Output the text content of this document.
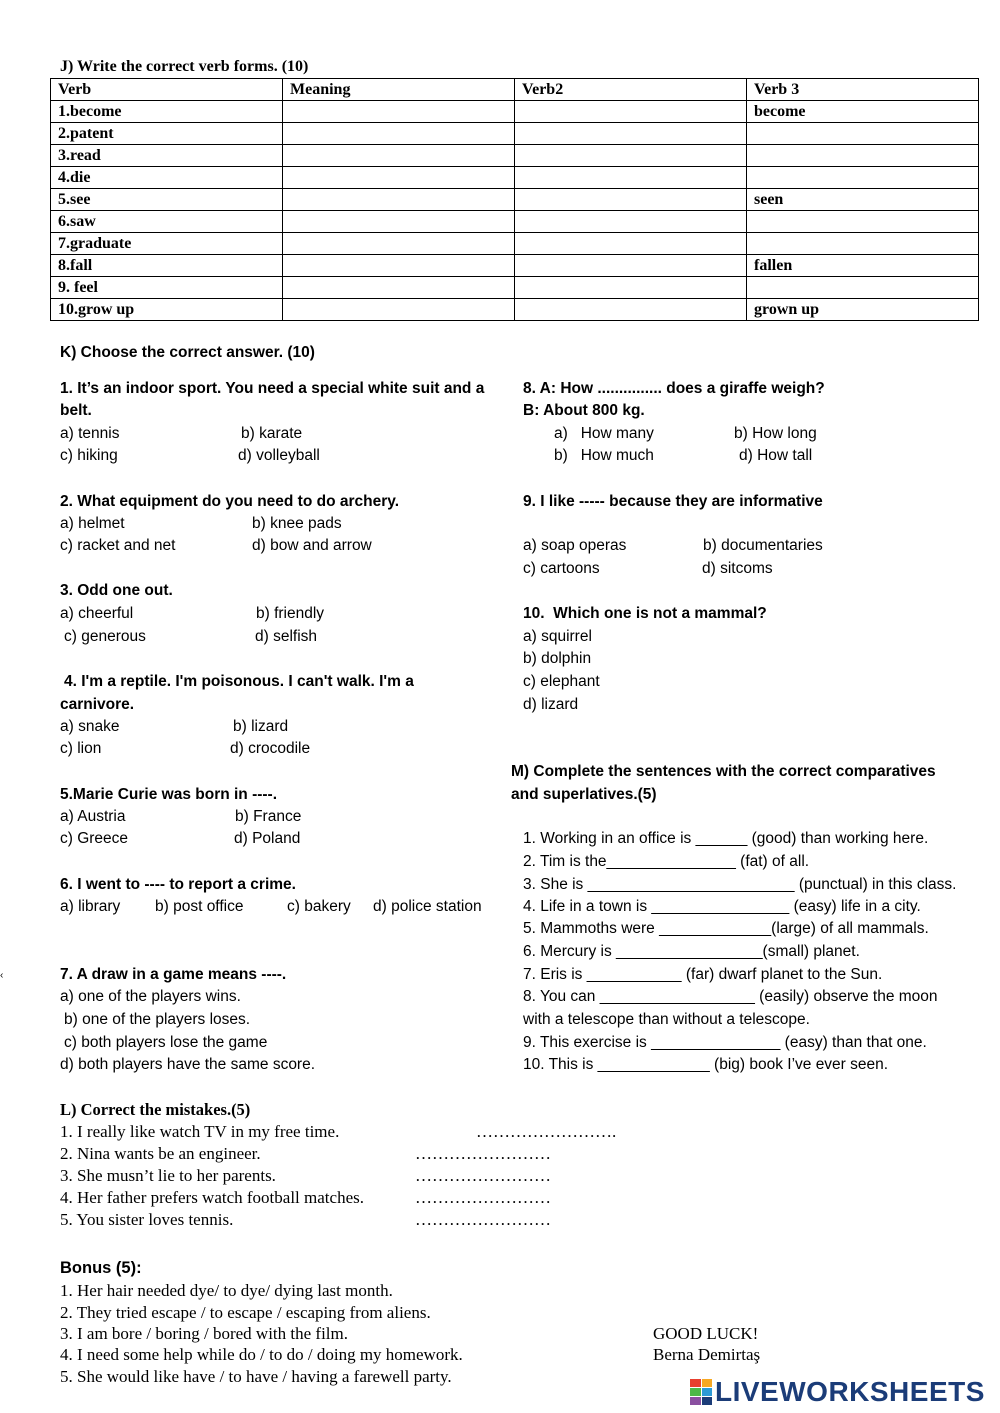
J) Write the correct verb forms. (10)
Verb	Meaning	Verb2	Verb 3
1.become			become
2.patent			
3.read			
4.die			
5.see			seen
6.saw			
7.graduate			
8.fall			fallen
9. feel			
10.grow up			grown up
K) Choose the correct answer. (10)
1. It’s an indoor sport. You need a special white suit and a
belt.
a) tennis	b) karate
c) hiking	d) volleyball
2. What equipment do you need to do archery.
a) helmet	b) knee pads
c) racket and net	d) bow and arrow
3. Odd one out.
a) cheerful	b) friendly
c) generous	d) selfish
4. I'm a reptile. I'm poisonous. I can't walk. I'm a
carnivore.
a) snake	b) lizard
c) lion	d) crocodile
5.Marie Curie was born in ----.
a) Austria	b) France
c) Greece	d) Poland
6. I went to ---- to report a crime.
a) library b) post office	c) bakery d) police station
‹	7. A draw in a game means ----.
a) one of the players wins.
b) one of the players loses.
c) both players lose the game
d) both players have the same score.
8. A: How ............... does a giraffe weigh?
B: About 800 kg.
a)   How many	b) How long
b)   How much	d) How tall
9. I like ----- because they are informative
a) soap operas	b) documentaries
c) cartoons	d) sitcoms
10.  Which one is not a mammal?
a) squirrel
b) dolphin
c) elephant
d) lizard
M) Complete the sentences with the correct comparatives
and superlatives.(5)
1. Working in an office is ______ (good) than working here.
2. Tim is the_______________ (fat) of all.
3. She is ________________________ (punctual) in this class.
4. Life in a town is ________________ (easy) life in a city.
5. Mammoths were _____________(large) of all mammals.
6. Mercury is _________________(small) planet.
7. Eris is ___________ (far) dwarf planet to the Sun.
8. You can __________________ (easily) observe the moon
with a telescope than without a telescope.
9. This exercise is _______________ (easy) than that one.
10. This is _____________ (big) book I’ve ever seen.
L) Correct the mistakes.(5)
1. I really like watch TV in my free time.	…………………….
2. Nina wants be an engineer.	……………………
3. She musn’t lie to her parents.	……………………
4. Her father prefers watch football matches.	……………………
5. You sister loves tennis.	……………………
Bonus (5):
1. Her hair needed dye/ to dye/ dying last month.
2. They tried escape / to escape / escaping from aliens.
3. I am bore / boring / bored with the film.
4. I need some help while do / to do / doing my homework.
5. She would like have / to have / having a farewell party.
GOOD LUCK!
Berna Demirtaş
LIVEWORKSHEETS
